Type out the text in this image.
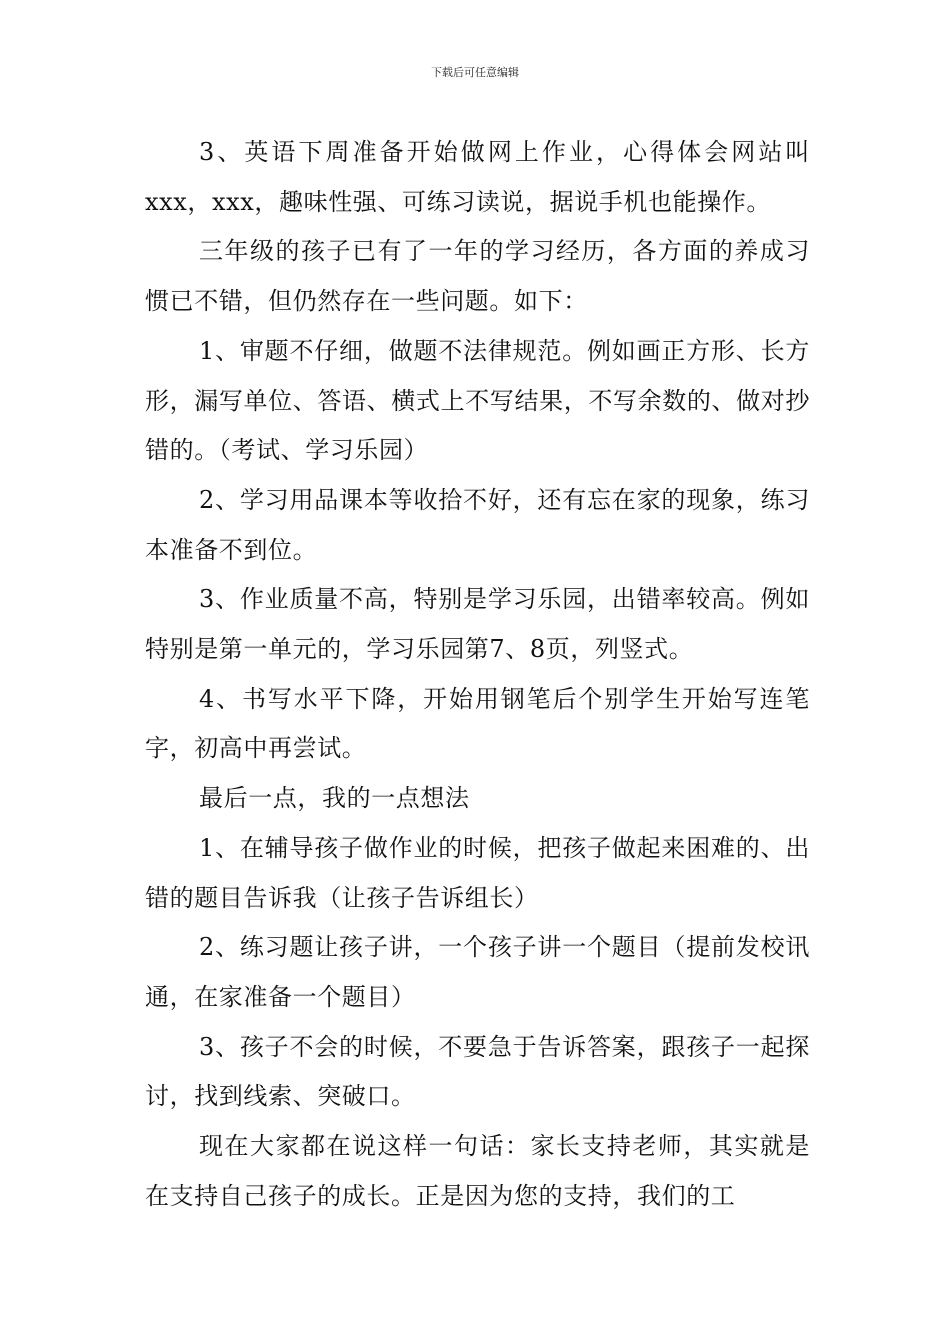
下载后可任意编辑

3、英语下周准备开始做网上作业，心得体会网站叫xxx，xxx，趣味性强、可练习读说，据说手机也能操作。

三年级的孩子已有了一年的学习经历，各方面的养成习惯已不错，但仍然存在一些问题。如下：

1、审题不仔细，做题不法律规范。例如画正方形、长方形，漏写单位、答语、横式上不写结果，不写余数的、做对抄错的。（考试、学习乐园）

2、学习用品课本等收拾不好，还有忘在家的现象，练习本准备不到位。

3、作业质量不高，特别是学习乐园，出错率较高。例如特别是第一单元的，学习乐园第7、8页，列竖式。

4、书写水平下降，开始用钢笔后个别学生开始写连笔字，初高中再尝试。

最后一点，我的一点想法

1、在辅导孩子做作业的时候，把孩子做起来困难的、出错的题目告诉我（让孩子告诉组长）

2、练习题让孩子讲，一个孩子讲一个题目（提前发校讯通，在家准备一个题目）

3、孩子不会的时候，不要急于告诉答案，跟孩子一起探讨，找到线索、突破口。

现在大家都在说这样一句话：家长支持老师，其实就是在支持自己孩子的成长。正是因为您的支持，我们的工
